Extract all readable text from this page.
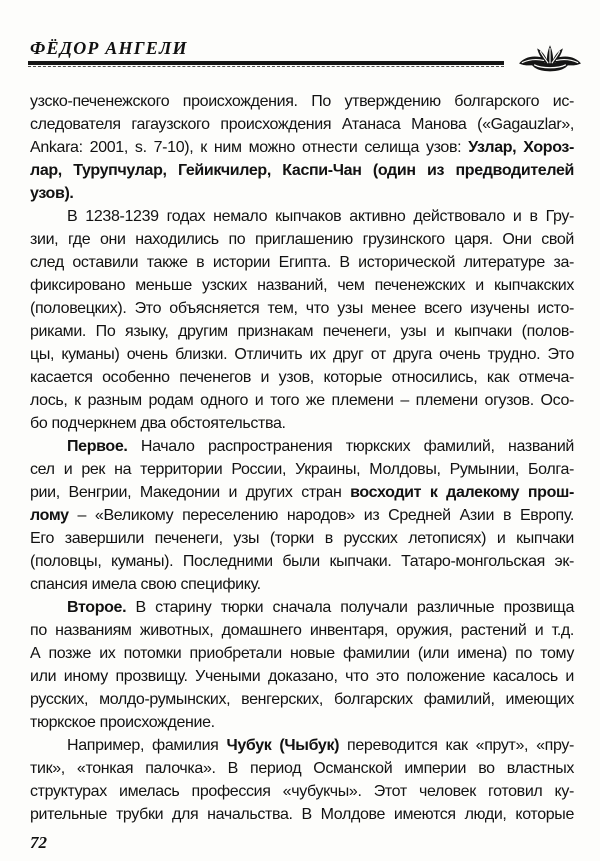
ФЁДОР АНГЕЛИ
узско-печенежского происхождения. По утверждению болгарского ис-
следователя гагаузского происхождения Атанаса Манова («Gagauzlar»,
Ankara: 2001, s. 7-10), к ним можно отнести селища узов: Узлар, Хороз-
лар, Турупчулар, Гейикчилер, Каспи-Чан (один из предводителей
узов).
В 1238-1239 годах немало кыпчаков активно действовало и в Гру-
зии, где они находились по приглашению грузинского царя. Они свой
след оставили также в истории Египта. В исторической литературе за-
фиксировано меньше узских названий, чем печенежских и кыпчакских
(половецких). Это объясняется тем, что узы менее всего изучены исто-
риками. По языку, другим признакам печенеги, узы и кыпчаки (полов-
цы, куманы) очень близки. Отличить их друг от друга очень трудно. Это
касается особенно печенегов и узов, которые относились, как отмеча-
лось, к разным родам одного и того же племени – племени огузов. Осо-
бо подчеркнем два обстоятельства.
Первое. Начало распространения тюркских фамилий, названий
сел и рек на территории России, Украины, Молдовы, Румынии, Болга-
рии, Венгрии, Македонии и других стран восходит к далекому прош-
лому – «Великому переселению народов» из Средней Азии в Европу.
Его завершили печенеги, узы (торки в русских летописях) и кыпчаки
(половцы, куманы). Последними были кыпчаки. Татаро-монгольская эк-
спансия имела свою специфику.
Второе. В старину тюрки сначала получали различные прозвища
по названиям животных, домашнего инвентаря, оружия, растений и т.д.
А позже их потомки приобретали новые фамилии (или имена) по тому
или иному прозвищу. Учеными доказано, что это положение касалось и
русских, молдо-румынских, венгерских, болгарских фамилий, имеющих
тюркское происхождение.
Например, фамилия Чубук (Чыбук) переводится как «прут», «пру-
тик», «тонкая палочка». В период Османской империи во властных
структурах имелась профессия «чубукчы». Этот человек готовил ку-
рительные трубки для начальства. В Молдове имеются люди, которые
72
